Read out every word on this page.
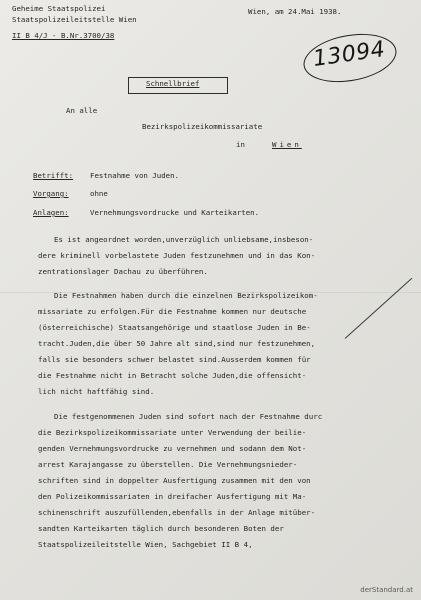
Geheime Staatspolizei
Staatspolizeileitstelle Wien
II B 4/J - B.Nr.3700/38
Wien, am 24.Mai 1938.
13094
Schnellbrief
An alle
Bezirkspolizeikommissariate
in	Wien
Betrifft: Festnahme von Juden.
Vorgang:	ohne
Anlagen:	Vernehmungsvordrucke und Karteikarten.
Es ist angeordnet worden,unverzüglich unliebsame,insbeson-
dere kriminell vorbelastete Juden festzunehmen und in das Kon-
zentrationslager Dachau zu überführen.
Die Festnahmen haben durch die einzelnen Bezirkspolizeikom-
missariate zu erfolgen.Für die Festnahme kommen nur deutsche
(österreichische) Staatsangehörige und staatlose Juden in Be-
tracht.Juden,die über 50 Jahre alt sind,sind nur festzunehmen,
falls sie besonders schwer belastet sind.Ausserdem kommen für
die Festnahme nicht in Betracht solche Juden,die offensicht-
lich nicht haftfähig sind.
Die festgenommenen Juden sind sofort nach der Festnahme durc
die Bezirkspolizeikommissariate unter Verwendung der beilie-
genden Vernehmungsvordrucke zu vernehmen und sodann dem Not-
arrest Karajangasse zu überstellen. Die Vernehmungsnieder-
schriften sind in doppelter Ausfertigung zusammen mit den von
den Polizeikommissariaten in dreifacher Ausfertigung mit Ma-
schinenschrift auszufüllenden,ebenfalls in der Anlage mitüber-
sandten Karteikarten täglich durch besonderen Boten der
Staatspolizeileitstelle Wien, Sachgebiet II B 4,
derStandard.at
